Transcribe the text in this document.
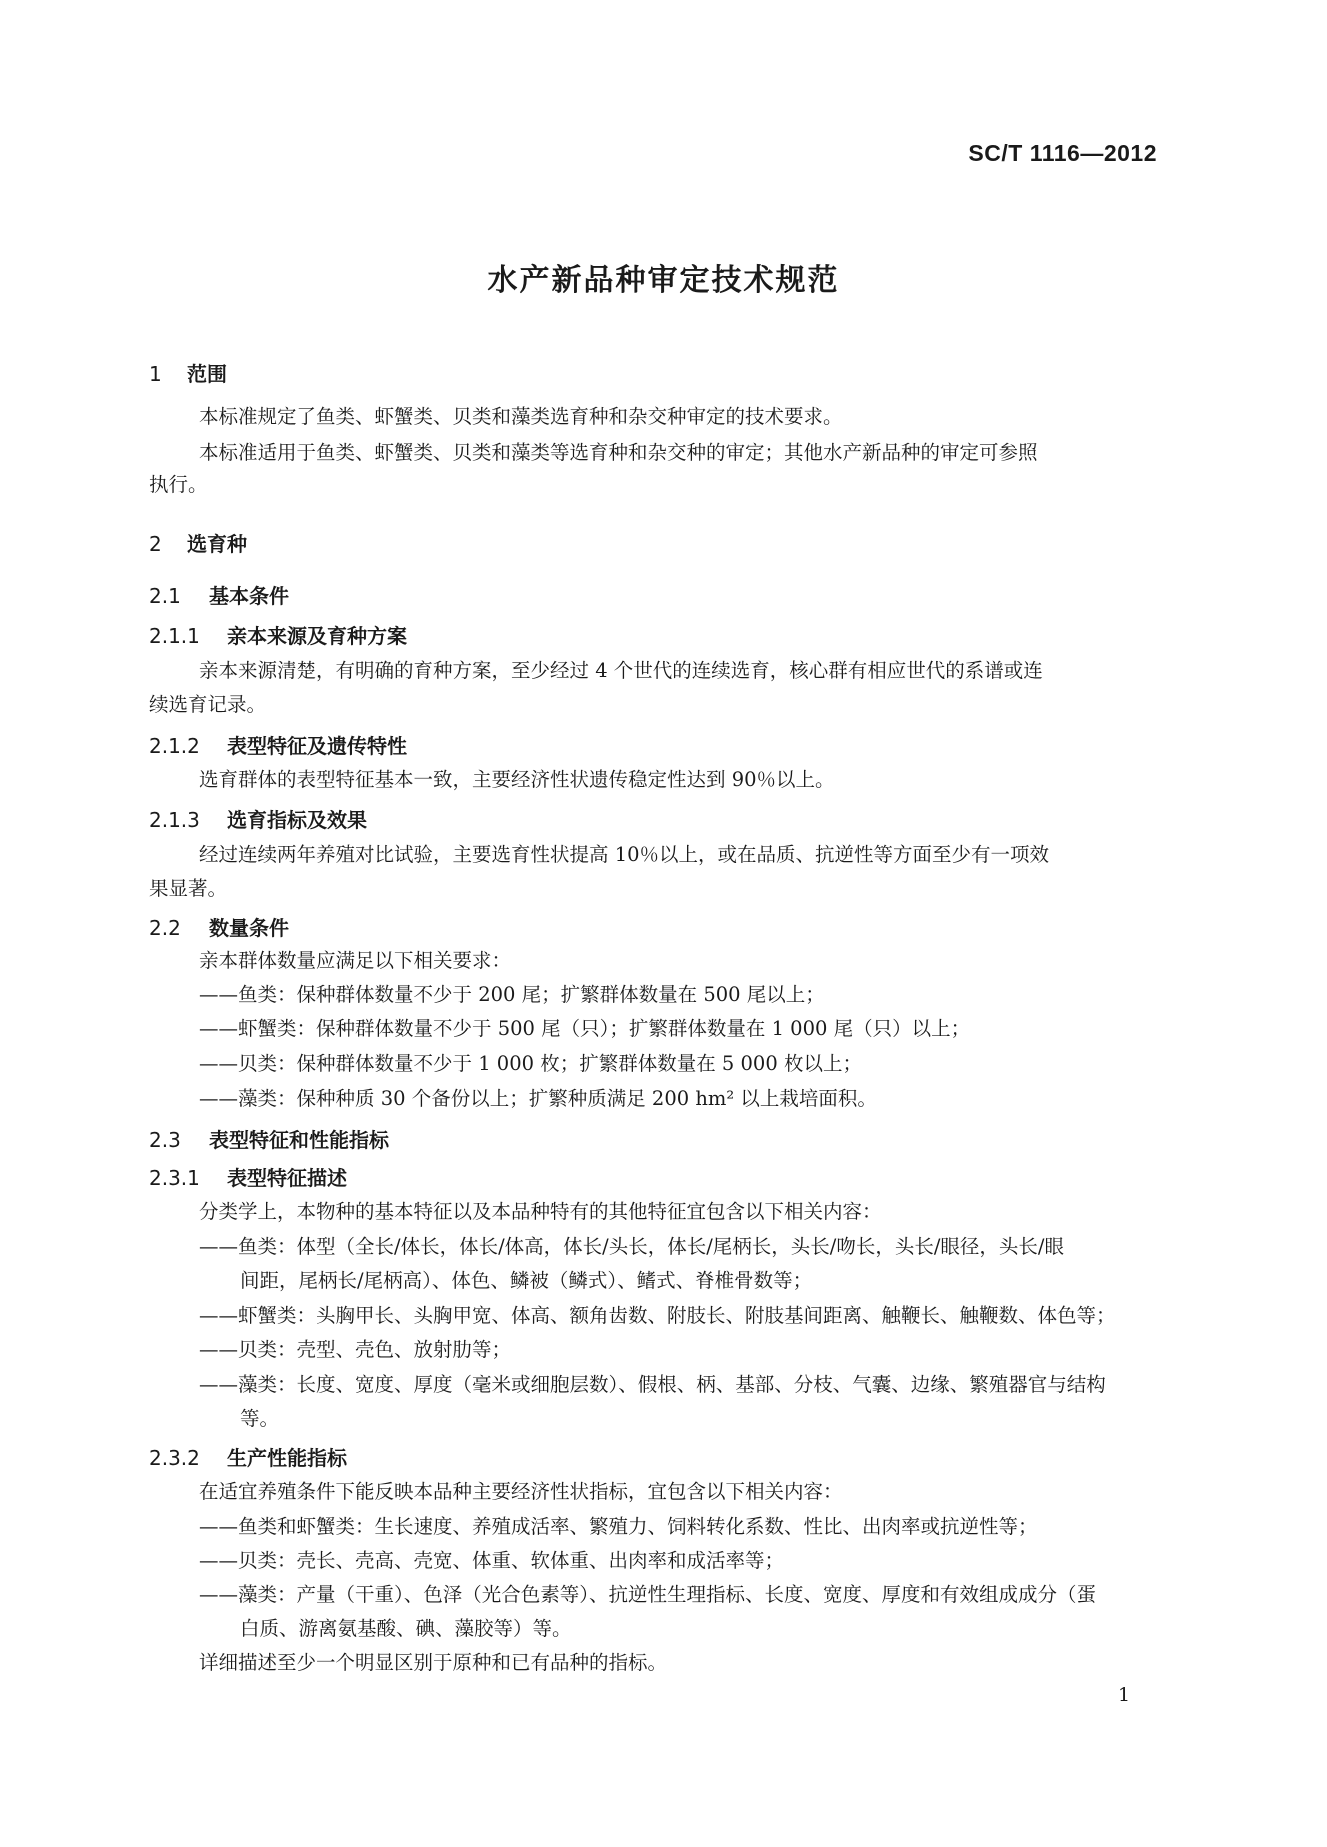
SC/T 1116—2012
水产新品种审定技术规范
1 范围
本标准规定了鱼类、虾蟹类、贝类和藻类选育种和杂交种审定的技术要求。
本标准适用于鱼类、虾蟹类、贝类和藻类等选育种和杂交种的审定；其他水产新品种的审定可参照
执行。
2 选育种
2.1 基本条件
2.1.1 亲本来源及育种方案
亲本来源清楚，有明确的育种方案，至少经过 4 个世代的连续选育，核心群有相应世代的系谱或连
续选育记录。
2.1.2 表型特征及遗传特性
选育群体的表型特征基本一致，主要经济性状遗传稳定性达到 90％以上。
2.1.3 选育指标及效果
经过连续两年养殖对比试验，主要选育性状提高 10％以上，或在品质、抗逆性等方面至少有一项效
果显著。
2.2 数量条件
亲本群体数量应满足以下相关要求：
——鱼类：保种群体数量不少于 200 尾；扩繁群体数量在 500 尾以上；
——虾蟹类：保种群体数量不少于 500 尾（只）；扩繁群体数量在 1 000 尾（只）以上；
——贝类：保种群体数量不少于 1 000 枚；扩繁群体数量在 5 000 枚以上；
——藻类：保种种质 30 个备份以上；扩繁种质满足 200 hm² 以上栽培面积。
2.3 表型特征和性能指标
2.3.1 表型特征描述
分类学上，本物种的基本特征以及本品种特有的其他特征宜包含以下相关内容：
——鱼类：体型（全长/体长，体长/体高，体长/头长，体长/尾柄长，头长/吻长，头长/眼径，头长/眼
间距，尾柄长/尾柄高）、体色、鳞被（鳞式）、鳍式、脊椎骨数等；
——虾蟹类：头胸甲长、头胸甲宽、体高、额角齿数、附肢长、附肢基间距离、触鞭长、触鞭数、体色等；
——贝类：壳型、壳色、放射肋等；
——藻类：长度、宽度、厚度（毫米或细胞层数）、假根、柄、基部、分枝、气囊、边缘、繁殖器官与结构
等。
2.3.2 生产性能指标
在适宜养殖条件下能反映本品种主要经济性状指标，宜包含以下相关内容：
——鱼类和虾蟹类：生长速度、养殖成活率、繁殖力、饲料转化系数、性比、出肉率或抗逆性等；
——贝类：壳长、壳高、壳宽、体重、软体重、出肉率和成活率等；
——藻类：产量（干重）、色泽（光合色素等）、抗逆性生理指标、长度、宽度、厚度和有效组成成分（蛋
白质、游离氨基酸、碘、藻胶等）等。
详细描述至少一个明显区别于原种和已有品种的指标。
1
